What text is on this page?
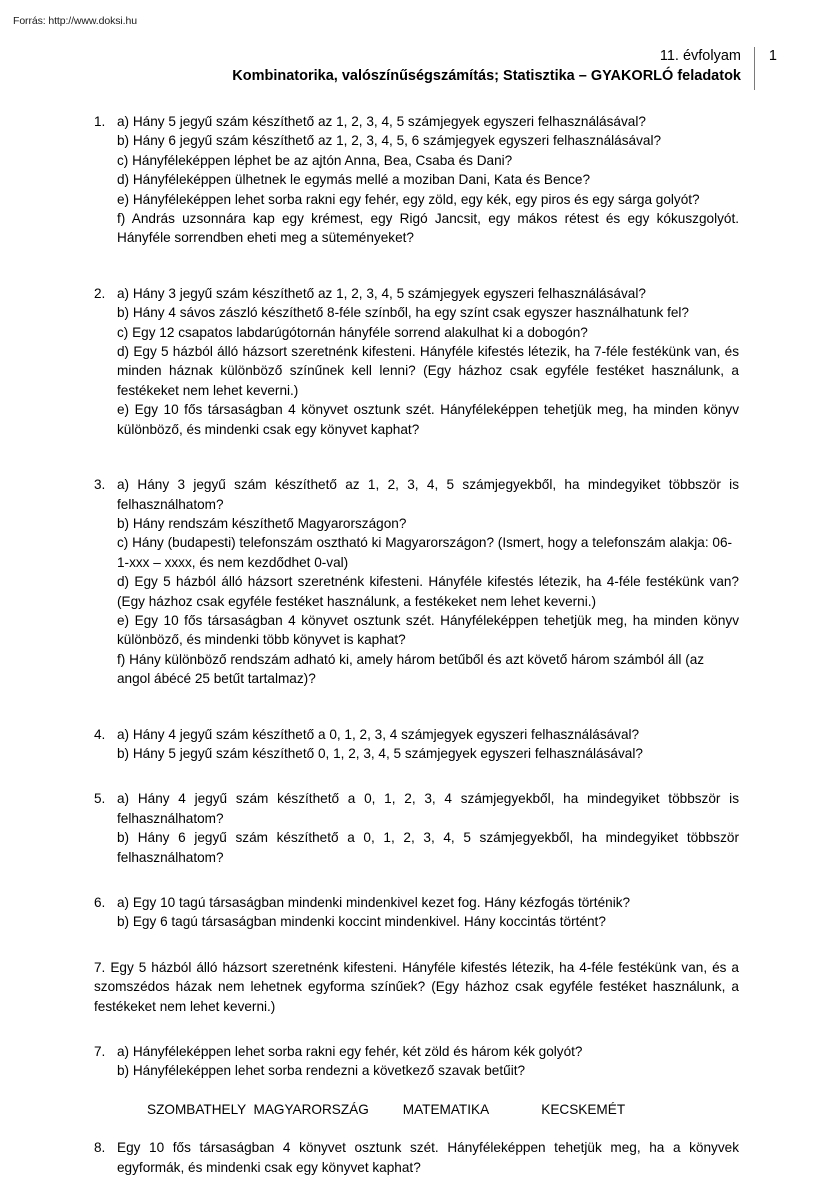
Forrás: http://www.doksi.hu
11. évfolyam
Kombinatorika, valószínűségszámítás; Statisztika – GYAKORLÓ feladatok
1
1. a) Hány 5 jegyű szám készíthető az 1, 2, 3, 4, 5 számjegyek egyszeri felhasználásával?
b) Hány 6 jegyű szám készíthető az 1, 2, 3, 4, 5, 6 számjegyek egyszeri felhasználásával?
c) Hányféleképpen léphet be az ajtón Anna, Bea, Csaba és Dani?
d) Hányféleképpen ülhetnek le egymás mellé a moziban Dani, Kata és Bence?
e) Hányféleképpen lehet sorba rakni egy fehér, egy zöld, egy kék, egy piros és egy sárga golyót?
f) András uzsonnára kap egy krémest, egy Rigó Jancsit, egy mákos rétest és egy kókuszgolyót. Hányféle sorrendben eheti meg a süteményeket?
2. a) Hány 3 jegyű szám készíthető az 1, 2, 3, 4, 5 számjegyek egyszeri felhasználásával?
b) Hány 4 sávos zászló készíthető 8-féle színből, ha egy színt csak egyszer használhatunk fel?
c) Egy 12 csapatos labdarúgótornán hányféle sorrend alakulhat ki a dobogón?
d) Egy 5 házból álló házsort szeretnénk kifesteni. Hányféle kifestés létezik, ha 7-féle festékünk van, és minden háznak különböző színűnek kell lenni? (Egy házhoz csak egyféle festéket használunk, a festékeket nem lehet keverni.)
e) Egy 10 fős társaságban 4 könyvet osztunk szét. Hányféleképpen tehetjük meg, ha minden könyv különböző, és mindenki csak egy könyvet kaphat?
3. a) Hány 3 jegyű szám készíthető az 1, 2, 3, 4, 5 számjegyekből, ha mindegyiket többször is felhasználhatom?
b) Hány rendszám készíthető Magyarországon?
c) Hány (budapesti) telefonszám osztható ki Magyarországon? (Ismert, hogy a telefonszám alakja: 06-1-xxx – xxxx, és nem kezdődhet 0-val)
d) Egy 5 házból álló házsort szeretnénk kifesteni. Hányféle kifestés létezik, ha 4-féle festékünk van? (Egy házhoz csak egyféle festéket használunk, a festékeket nem lehet keverni.)
e) Egy 10 fős társaságban 4 könyvet osztunk szét. Hányféleképpen tehetjük meg, ha minden könyv különböző, és mindenki több könyvet is kaphat?
f) Hány különböző rendszám adható ki, amely három betűből és azt követő három számból áll (az angol ábécé 25 betűt tartalmaz)?
4. a) Hány 4 jegyű szám készíthető a 0, 1, 2, 3, 4 számjegyek egyszeri felhasználásával?
b) Hány 5 jegyű szám készíthető 0, 1, 2, 3, 4, 5 számjegyek egyszeri felhasználásával?
5. a) Hány 4 jegyű szám készíthető a 0, 1, 2, 3, 4 számjegyekből, ha mindegyiket többször is felhasználhatom?
b) Hány 6 jegyű szám készíthető a 0, 1, 2, 3, 4, 5 számjegyekből, ha mindegyiket többször felhasználhatom?
6. a) Egy 10 tagú társaságban mindenki mindenkivel kezet fog. Hány kézfogás történik?
b) Egy 6 tagú társaságban mindenki koccint mindenkivel. Hány koccintás történt?
7. Egy 5 házból álló házsort szeretnénk kifesteni. Hányféle kifestés létezik, ha 4-féle festékünk van, és a szomszédos házak nem lehetnek egyforma színűek? (Egy házhoz csak egyféle festéket használunk, a festékeket nem lehet keverni.)
7. a) Hányféleképpen lehet sorba rakni egy fehér, két zöld és három kék golyót?
b) Hányféleképpen lehet sorba rendezni a következő szavak betűit?
SZOMBATHELY  MAGYARORSZÁG         MATEMATIKA              KECSKEMÉT
8. Egy 10 fős társaságban 4 könyvet osztunk szét. Hányféleképpen tehetjük meg, ha a könyvek egyformák, és mindenki csak egy könyvet kaphat?
